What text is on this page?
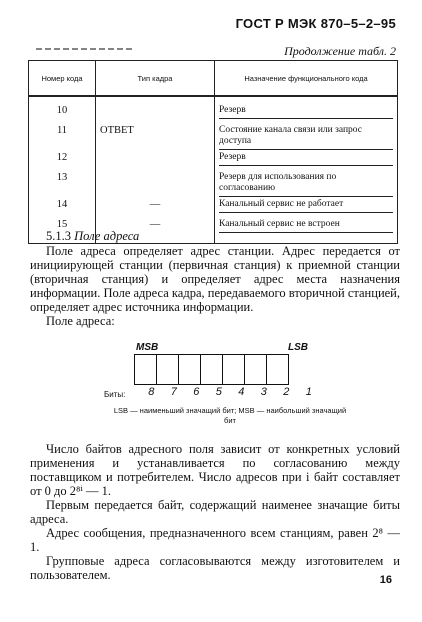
ГОСТ Р МЭК 870–5–2–95
Продолжение табл. 2
Номер кода	Тип кадра	Назначение функционального кода
10		Резерв

11	ОТВЕТ	Состояние канала связи или запрос доступа

12		Резерв

13		Резерв для использования по согласованию

14	—	Канальный сервис не работает

15	—	Канальный сервис не встроен
5.1.3 Поле адреса
Поле адреса определяет адрес станции. Адрес передается от инициирующей станции (первичная станция) к приемной станции (вторичная станция) и определяет адрес места назначения информации. Поле адреса кадра, передаваемого вторичной станцией, определяет адрес источника информации.
Поле адреса:
MSB	LSB
Биты:	8	7	6	5	4	3	2	1
LSB — наименьший значащий бит; MSB — наибольший значащий бит
Число байтов адресного поля зависит от конкретных условий применения и устанавливается по согласованию между поставщиком и потребителем. Число адресов при i байт составляет от 0 до 2⁸ⁱ — 1.
Первым передается байт, содержащий наименее значащие биты адреса.
Адрес сообщения, предназначенного всем станциям, равен 2⁸ — 1.
Групповые адреса согласовываются между изготовителем и пользователем.	16
